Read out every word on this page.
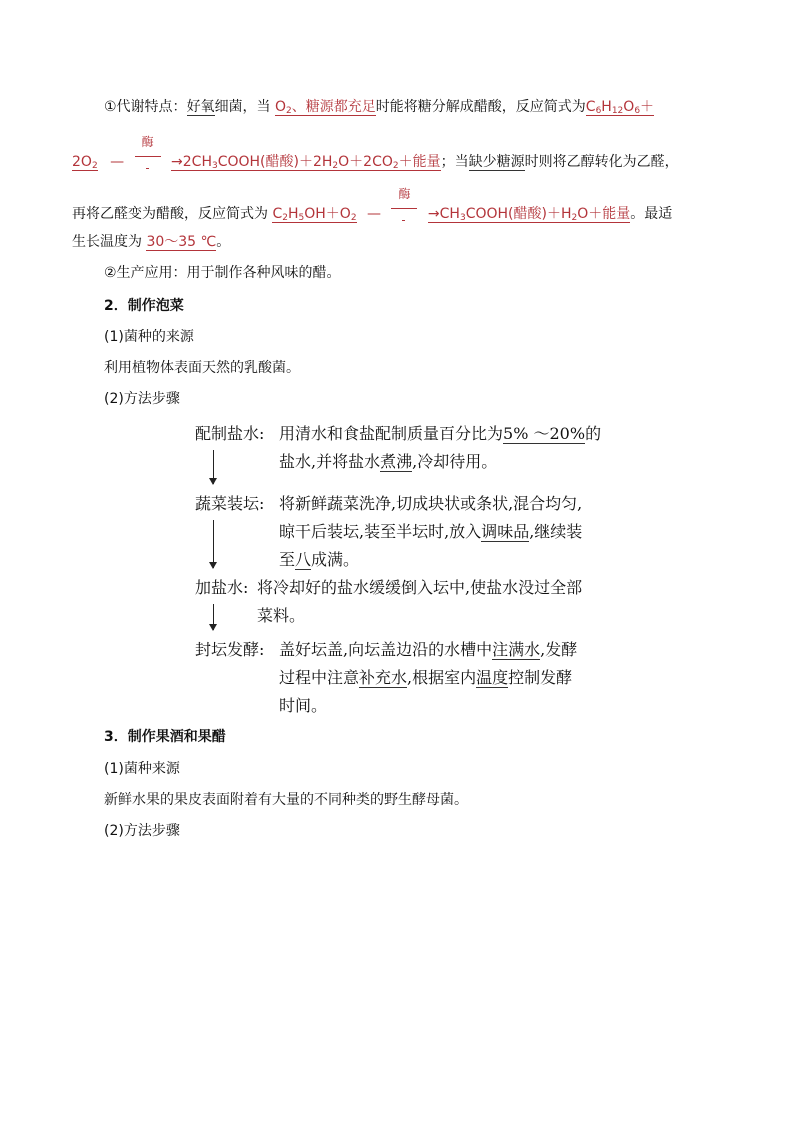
①代谢特点：好氧细菌，当 $O_2$、糖源都充足时能将糖分解成醋酸，反应简式为$C_6H_{12}O_6+$
$2O_2$ —
酶
$\to 2CH_3COOH$(醋酸)$+2H_2O+2CO_2+$能量；当缺少糖源时则将乙醇转化为乙醛，
再将乙醛变为醋酸，反应简式为 $C_2H_5OH+O_2$ —
酶
$\to CH_3COOH$(醋酸)$+H_2O+$能量。最适
生长温度为 30～35 ℃。
②生产应用：用于制作各种风味的醋。
2．制作泡菜
(1)菌种的来源
利用植物体表面天然的乳酸菌。
(2)方法步骤
配制盐水: 用清水和食盐配制质量百分比为5% ～20%的
盐水,并将盐水煮沸,冷却待用。
蔬菜装坛: 将新鲜蔬菜洗净,切成块状或条状,混合均匀,
晾干后装坛,装至半坛时,放入调味品,继续装
至八成满。
加盐水: 将冷却好的盐水缓缓倒入坛中,使盐水没过全部
菜料。
封坛发酵: 盖好坛盖,向坛盖边沿的水槽中注满水,发酵
过程中注意补充水,根据室内温度控制发酵
时间。
3．制作果酒和果醋
(1)菌种来源
新鲜水果的果皮表面附着有大量的不同种类的野生酵母菌。
(2)方法步骤
